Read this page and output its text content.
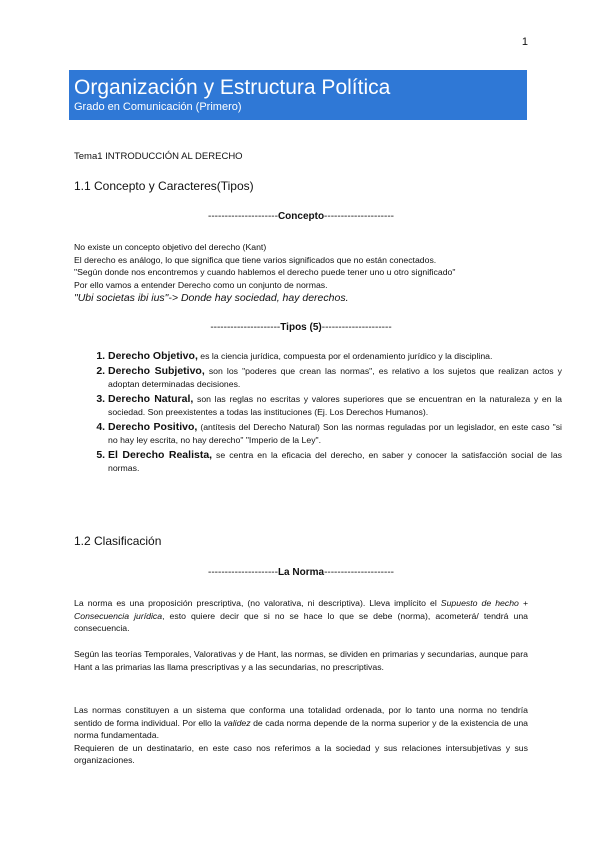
1
Organización y Estructura Política
Grado en Comunicación (Primero)
Tema1 INTRODUCCIÓN AL DERECHO
1.1 Concepto y Caracteres(Tipos)
---------------------Concepto---------------------

No existe un concepto objetivo del derecho (Kant)

El derecho es análogo, lo que significa que tiene varios significados que no están conectados.

"Según donde nos encontremos y cuando hablemos el derecho puede tener uno u otro significado"

Por ello vamos a entender Derecho como un conjunto de normas.

"Ubi societas ibi ius"-> Donde hay sociedad, hay derechos.

---------------------Tipos (5)---------------------
1. Derecho Objetivo, es la ciencia jurídica, compuesta por el ordenamiento jurídico y la disciplina.
2. Derecho Subjetivo, son los "poderes que crean las normas", es relativo a los sujetos que realizan actos y adoptan determinadas decisiones.
3. Derecho Natural, son las reglas no escritas y valores superiores que se encuentran en la naturaleza y en la sociedad. Son preexistentes a todas las instituciones (Ej. Los Derechos Humanos).
4. Derecho Positivo, (antítesis del Derecho Natural) Son las normas reguladas por un legislador, en este caso "si no hay ley escrita, no hay derecho" "Imperio de la Ley".
5. El Derecho Realista, se centra en la eficacia del derecho, en saber y conocer la satisfacción social de las normas.
1.2 Clasificación
---------------------La Norma---------------------
La norma es una proposición prescriptiva, (no valorativa, ni descriptiva). Lleva implícito el Supuesto de hecho + Consecuencia jurídica, esto quiere decir que si no se hace lo que se debe (norma), acometerá/ tendrá una consecuencia.
Según las teorías Temporales, Valorativas y de Hant, las normas, se dividen en primarias y secundarias, aunque para Hant a las primarias las llama prescriptivas y a las secundarias, no prescriptivas.

Las normas constituyen a un sistema que conforma una totalidad ordenada, por lo tanto una norma no tendría sentido de forma individual. Por ello la validez de cada norma depende de la norma superior y de la existencia de una norma fundamentada.

Requieren de un destinatario, en este caso nos referimos a la sociedad y sus relaciones intersubjetivas y sus organizaciones.
